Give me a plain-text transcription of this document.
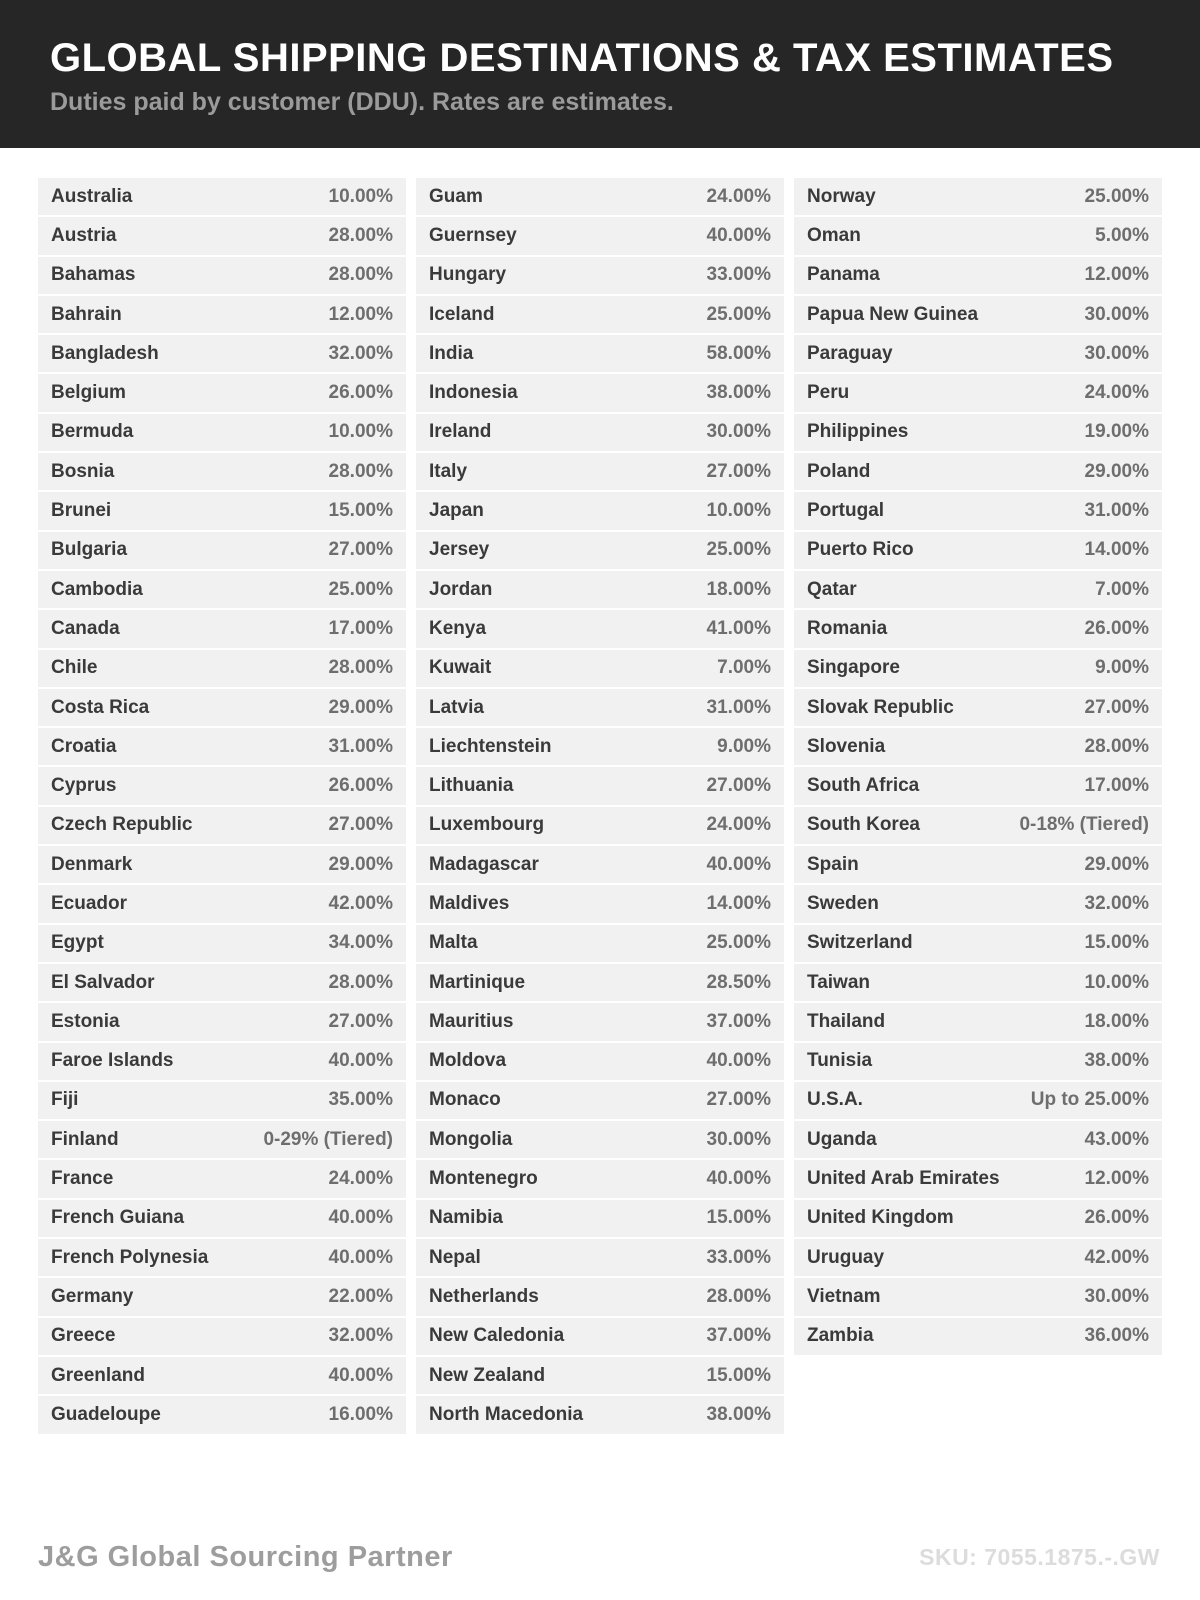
GLOBAL SHIPPING DESTINATIONS & TAX ESTIMATES
Duties paid by customer (DDU). Rates are estimates.
Australia	10.00%
Austria	28.00%
Bahamas	28.00%
Bahrain	12.00%
Bangladesh	32.00%
Belgium	26.00%
Bermuda	10.00%
Bosnia	28.00%
Brunei	15.00%
Bulgaria	27.00%
Cambodia	25.00%
Canada	17.00%
Chile	28.00%
Costa Rica	29.00%
Croatia	31.00%
Cyprus	26.00%
Czech Republic	27.00%
Denmark	29.00%
Ecuador	42.00%
Egypt	34.00%
El Salvador	28.00%
Estonia	27.00%
Faroe Islands	40.00%
Fiji	35.00%
Finland	0-29% (Tiered)
France	24.00%
French Guiana	40.00%
French Polynesia	40.00%
Germany	22.00%
Greece	32.00%
Greenland	40.00%
Guadeloupe	16.00%
Guam	24.00%
Guernsey	40.00%
Hungary	33.00%
Iceland	25.00%
India	58.00%
Indonesia	38.00%
Ireland	30.00%
Italy	27.00%
Japan	10.00%
Jersey	25.00%
Jordan	18.00%
Kenya	41.00%
Kuwait	7.00%
Latvia	31.00%
Liechtenstein	9.00%
Lithuania	27.00%
Luxembourg	24.00%
Madagascar	40.00%
Maldives	14.00%
Malta	25.00%
Martinique	28.50%
Mauritius	37.00%
Moldova	40.00%
Monaco	27.00%
Mongolia	30.00%
Montenegro	40.00%
Namibia	15.00%
Nepal	33.00%
Netherlands	28.00%
New Caledonia	37.00%
New Zealand	15.00%
North Macedonia	38.00%
Norway	25.00%
Oman	5.00%
Panama	12.00%
Papua New Guinea	30.00%
Paraguay	30.00%
Peru	24.00%
Philippines	19.00%
Poland	29.00%
Portugal	31.00%
Puerto Rico	14.00%
Qatar	7.00%
Romania	26.00%
Singapore	9.00%
Slovak Republic	27.00%
Slovenia	28.00%
South Africa	17.00%
South Korea	0-18% (Tiered)
Spain	29.00%
Sweden	32.00%
Switzerland	15.00%
Taiwan	10.00%
Thailand	18.00%
Tunisia	38.00%
U.S.A.	Up to 25.00%
Uganda	43.00%
United Arab Emirates	12.00%
United Kingdom	26.00%
Uruguay	42.00%
Vietnam	30.00%
Zambia	36.00%
J&G Global Sourcing Partner	SKU: 7055.1875.-.GW
